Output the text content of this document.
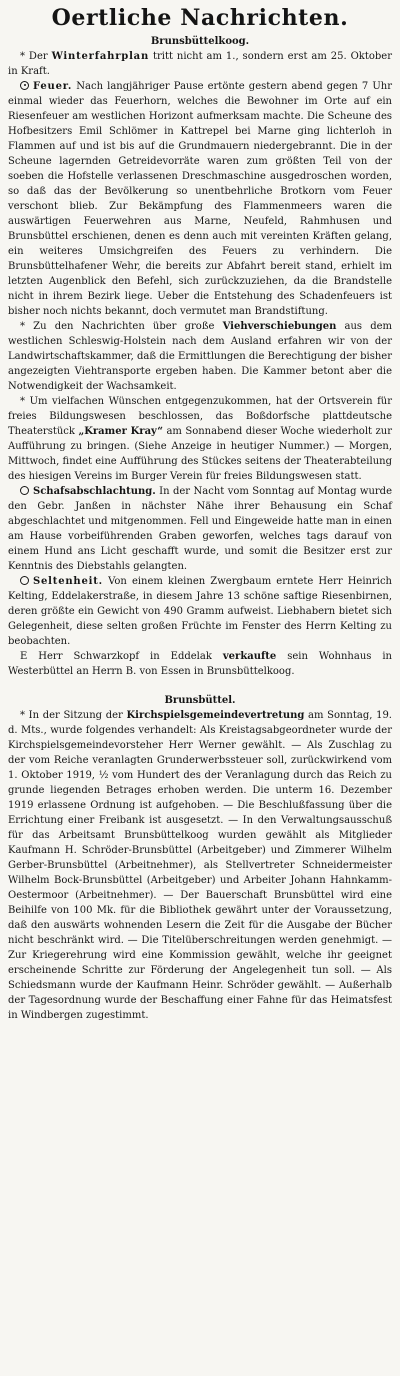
Oertliche Nachrichten.
Brunsbüttelkoog.

* Der Winterfahrplan tritt nicht am 1., sondern erst am 25. Oktober in Kraft.

Feuer. Nach langjähriger Pause ertönte gestern abend gegen 7 Uhr einmal wieder das Feuerhorn, welches die Bewohner im Orte auf ein Riesenfeuer am westlichen Horizont aufmerksam machte. Die Scheune des Hofbesitzers Emil Schlömer in Kattrepel bei Marne ging lichterloh in Flammen auf und ist bis auf die Grundmauern niedergebrannt. Die in der Scheune lagernden Getreidevorräte waren zum größten Teil von der soeben die Hofstelle verlassenen Dreschmaschine ausgedroschen worden, so daß das der Bevölkerung so unentbehrliche Brotkorn vom Feuer verschont blieb. Zur Bekämpfung des Flammenmeers waren die auswärtigen Feuerwehren aus Marne, Neufeld, Rahmhusen und Brunsbüttel erschienen, denen es denn auch mit vereinten Kräften gelang, ein weiteres Umsichgreifen des Feuers zu verhindern. Die Brunsbüttelhafener Wehr, die bereits zur Abfahrt bereit stand, erhielt im letzten Augenblick den Befehl, sich zurückzuziehen, da die Brandstelle nicht in ihrem Bezirk liege. Ueber die Entstehung des Schadenfeuers ist bisher noch nichts bekannt, doch vermutet man Brandstiftung.

* Zu den Nachrichten über große Viehverschiebungen aus dem westlichen Schleswig-Holstein nach dem Ausland erfahren wir von der Landwirtschaftskammer, daß die Ermittlungen die Berechtigung der bisher angezeigten Viehtransporte ergeben haben. Die Kammer betont aber die Notwendigkeit der Wachsamkeit.

* Um vielfachen Wünschen entgegenzukommen, hat der Ortsverein für freies Bildungswesen beschlossen, das Boßdorfsche plattdeutsche Theaterstück „Kramer Kray“ am Sonnabend dieser Woche wiederholt zur Aufführung zu bringen. (Siehe Anzeige in heutiger Nummer.) — Morgen, Mittwoch, findet eine Aufführung des Stückes seitens der Theaterabteilung des hiesigen Vereins im Burger Verein für freies Bildungswesen statt.

Schafsabschlachtung. In der Nacht vom Sonntag auf Montag wurde den Gebr. Janßen in nächster Nähe ihrer Behausung ein Schaf abgeschlachtet und mitgenommen. Fell und Eingeweide hatte man in einen am Hause vorbeiführenden Graben geworfen, welches tags darauf von einem Hund ans Licht geschafft wurde, und somit die Besitzer erst zur Kenntnis des Diebstahls gelangten.

Seltenheit. Von einem kleinen Zwergbaum erntete Herr Heinrich Kelting, Eddelakerstraße, in diesem Jahre 13 schöne saftige Riesenbirnen, deren größte ein Gewicht von 490 Gramm aufweist. Liebhabern bietet sich Gelegenheit, diese selten großen Früchte im Fenster des Herrn Kelting zu beobachten.

E Herr Schwarzkopf in Eddelak verkaufte sein Wohnhaus in Westerbüttel an Herrn B. von Essen in Brunsbüttelkoog.

Brunsbüttel.

* In der Sitzung der Kirchspielsgemeindevertretung am Sonntag, 19. d. Mts., wurde folgendes verhandelt: Als Kreistagsabgeordneter wurde der Kirchspielsgemeindevorsteher Herr Werner gewählt. — Als Zuschlag zu der vom Reiche veranlagten Grunderwerbssteuer soll, zurückwirkend vom 1. Oktober 1919, ½ vom Hundert des der Veranlagung durch das Reich zu grunde liegenden Betrages erhoben werden. Die unterm 16. Dezember 1919 erlassene Ordnung ist aufgehoben. — Die Beschlußfassung über die Errichtung einer Freibank ist ausgesetzt. — In den Verwaltungsausschuß für das Arbeitsamt Brunsbüttelkoog wurden gewählt als Mitglieder Kaufmann H. Schröder-Brunsbüttel (Arbeitgeber) und Zimmerer Wilhelm Gerber-Brunsbüttel (Arbeitnehmer), als Stellvertreter Schneidermeister Wilhelm Bock-Brunsbüttel (Arbeitgeber) und Arbeiter Johann Hahnkamm-Oestermoor (Arbeitnehmer). — Der Bauerschaft Brunsbüttel wird eine Beihilfe von 100 Mk. für die Bibliothek gewährt unter der Voraussetzung, daß den auswärts wohnenden Lesern die Zeit für die Ausgabe der Bücher nicht beschränkt wird. — Die Titelüberschreitungen werden genehmigt. — Zur Kriegerehrung wird eine Kommission gewählt, welche ihr geeignet erscheinende Schritte zur Förderung der Angelegenheit tun soll. — Als Schiedsmann wurde der Kaufmann Heinr. Schröder gewählt. — Außerhalb der Tagesordnung wurde der Beschaffung einer Fahne für das Heimatsfest in Windbergen zugestimmt.
